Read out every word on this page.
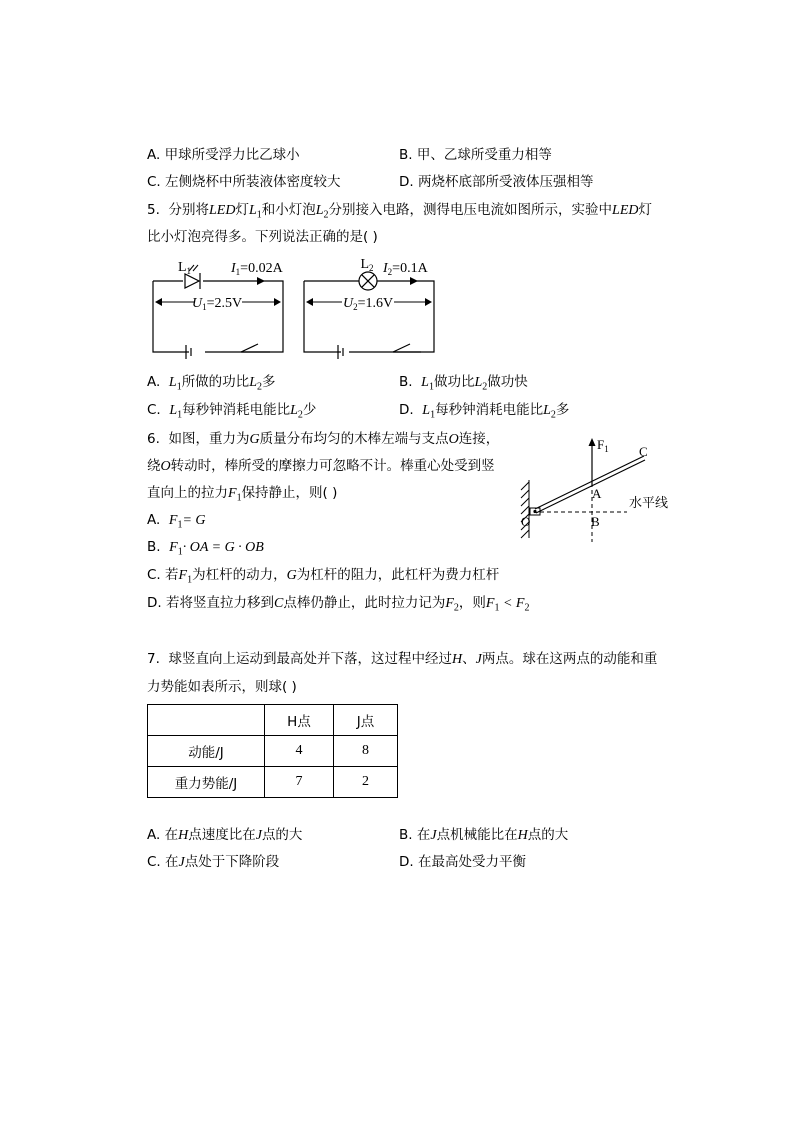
A. 甲球所受浮力比乙球小	B. 甲、乙球所受重力相等
C. 左侧烧杯中所装液体密度较大	D. 两烧杯底部所受液体压强相等
5. 分别将LED灯$L_1$和小灯泡$L_2$分别接入电路，测得电压电流如图所示，实验中LED灯
比小灯泡亮得多。下列说法正确的是( )
$L_1$	$I_1=0.02A$
$U_1=2.5V$
$L_2$ $I_2=0.1A$
$U_2=1.6V$
A. $L_1$所做的功比$L_2$多	B. $L_1$做功比$L_2$做功快
C. $L_1$每秒钟消耗电能比$L_2$少	D. $L_1$每秒钟消耗电能比$L_2$多
6. 如图，重力为G质量分布均匀的木棒左端与支点O连接，
绕O转动时，棒所受的摩擦力可忽略不计。棒重心处受到竖
直向上的拉力$F_1$保持静止，则( )
A. $F_1= G$
B. $F_1\cdot$ OA = G · OB
C. 若$F_1$为杠杆的动力，G为杠杆的阻力，此杠杆为费力杠杆
D. 若将竖直拉力移到C点棒仍静止，此时拉力记为$F_2$，则$F_1 < F_2$
$F_1$ C
A
O	B
水平线
7. 球竖直向上运动到最高处并下落，这过程中经过H、J两点。球在这两点的动能和重
力势能如表所示，则球( )
	H点	J点
动能/J	4	8
重力势能/J	7	2
A. 在H点速度比在J点的大	B. 在J点机械能比在H点的大
C. 在J点处于下降阶段	D. 在最高处受力平衡
